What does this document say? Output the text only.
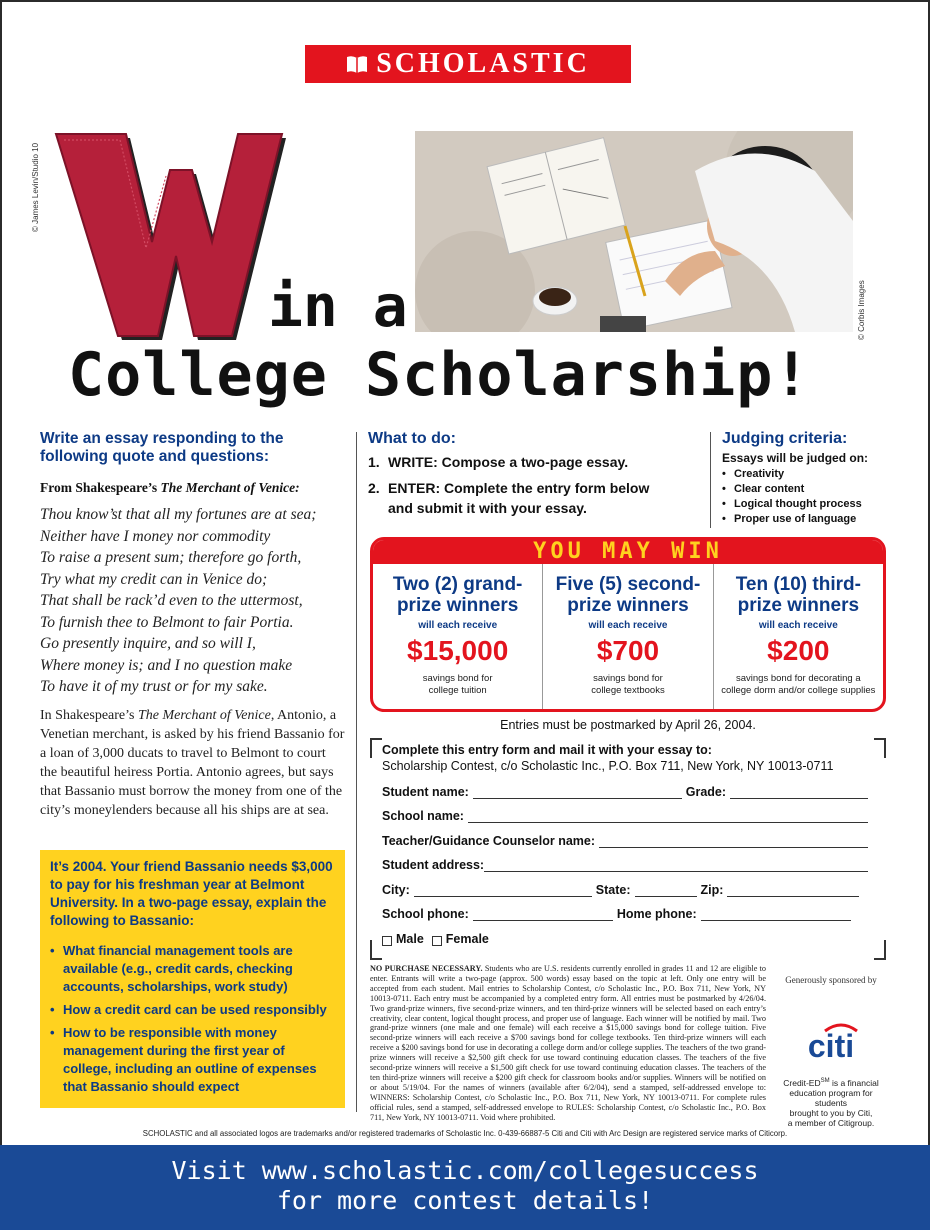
SCHOLASTIC
© James Levin/Studio 10
© Corbis Images
in a
College Scholarship!
Write an essay responding to the following quote and questions:
From Shakespeare’s The Merchant of Venice:
Thou know’st that all my fortunes are at sea;
Neither have I money nor commodity
To raise a present sum; therefore go forth,
Try what my credit can in Venice do;
That shall be rack’d even to the uttermost,
To furnish thee to Belmont to fair Portia.
Go presently inquire, and so will I,
Where money is; and I no question make
To have it of my trust or for my sake.
In Shakespeare’s The Merchant of Venice, Antonio, a Venetian merchant, is asked by his friend Bassanio for a loan of 3,000 ducats to travel to Belmont to court the beautiful heiress Portia. Antonio agrees, but says that Bassanio must borrow the money from one of the city’s moneylenders because all his ships are at sea.
It’s 2004. Your friend Bassanio needs $3,000 to pay for his freshman year at Belmont University. In a two-page essay, explain the following to Bassanio:
• What financial management tools are available (e.g., credit cards, checking accounts, scholarships, work study)
• How a credit card can be used responsibly
• How to be responsible with money management during the first year of college, including an outline of expenses that Bassanio should expect
What to do:
1. WRITE: Compose a two-page essay.
2. ENTER: Complete the entry form below
and submit it with your essay.
Judging criteria:
Essays will be judged on:
• Creativity
• Clear content
• Logical thought process
• Proper use of language
YOU MAY WIN
Two (2) grand-
prize winners
will each receive
$15,000
savings bond for
college tuition
Five (5) second-
prize winners
will each receive
$700
savings bond for
college textbooks
Ten (10) third-
prize winners
will each receive
$200
savings bond for decorating a
college dorm and/or college supplies
Entries must be postmarked by April 26, 2004.
Complete this entry form and mail it with your essay to:
Scholarship Contest, c/o Scholastic Inc., P.O. Box 711, New York, NY 10013-0711
Student name:	Grade:
School name:
Teacher/Guidance Counselor name:
Student address:
City:	State:	Zip:
School phone:	Home phone:
Male Female
NO PURCHASE NECESSARY. Students who are U.S. residents currently enrolled in grades 11 and 12 are eligible to enter. Entrants will write a two-page (approx. 500 words) essay based on the topic at left. Only one entry will be accepted from each student. Mail entries to Scholarship Contest, c/o Scholastic Inc., P.O. Box 711, New York, NY 10013-0711. Each entry must be accompanied by a completed entry form. All entries must be postmarked by 4/26/04. Two grand-prize winners, five second-prize winners, and ten third-prize winners will be selected based on each entry’s creativity, clear content, logical thought process, and proper use of language. Each winner will be notified by mail. Two grand-prize winners (one male and one female) will each receive a $15,000 savings bond for college tuition. Five second-prize winners will each receive a $700 savings bond for college textbooks. Ten third-prize winners will each receive a $200 savings bond for use in decorating a college dorm and/or college supplies. The teachers of the two grand-prize winners will receive a $2,500 gift check for use toward continuing education classes. The teachers of the five second-prize winners will receive a $1,500 gift check for use toward continuing education classes. The teachers of the ten third-prize winners will receive a $200 gift check for classroom books and/or supplies. Winners will be notified on or about 5/19/04. For the names of winners (available after 6/2/04), send a stamped, self-addressed envelope to: WINNERS: Scholarship Contest, c/o Scholastic Inc., P.O. Box 711, New York, NY 10013-0711. For complete rules official rules, send a stamped, self-addressed envelope to RULES: Scholarship Contest, c/o Scholastic Inc., P.O. Box 711, New York, NY 10013-0711. Void where prohibited.
Generously sponsored by
citi
Credit-ED℠ is a financial
education program for students
brought to you by Citi,
a member of Citigroup.
SCHOLASTIC and all associated logos are trademarks and/or registered trademarks of Scholastic Inc. 0-439-66887-5 Citi and Citi with Arc Design are registered service marks of Citicorp.
Visit www.scholastic.com/collegesuccess
for more contest details!
